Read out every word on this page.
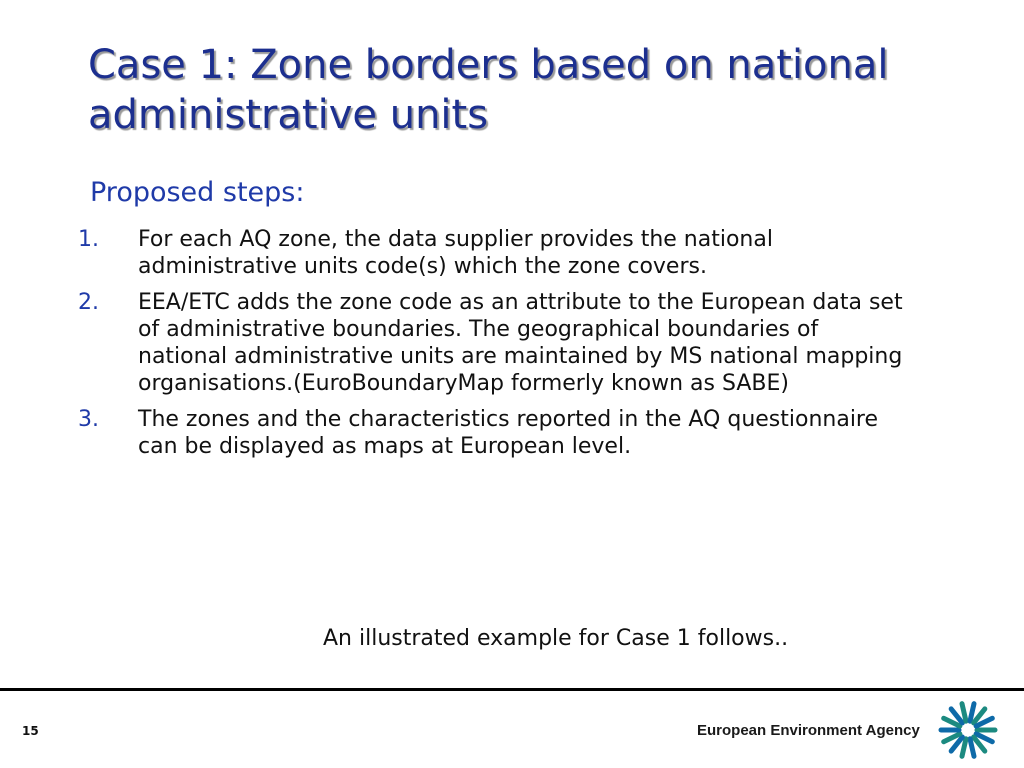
Case 1: Zone borders based on national administrative units
Proposed steps:
1. For each AQ zone, the data supplier provides the national administrative units code(s) which the zone covers.
2. EEA/ETC adds the zone code as an attribute to the European data set of administrative boundaries. The geographical boundaries of national administrative units are maintained by MS national mapping organisations.(EuroBoundaryMap formerly known as SABE)
3. The zones and the characteristics reported in the AQ questionnaire can be displayed as maps at European level.
An illustrated example for Case 1 follows..
15	European Environment Agency
